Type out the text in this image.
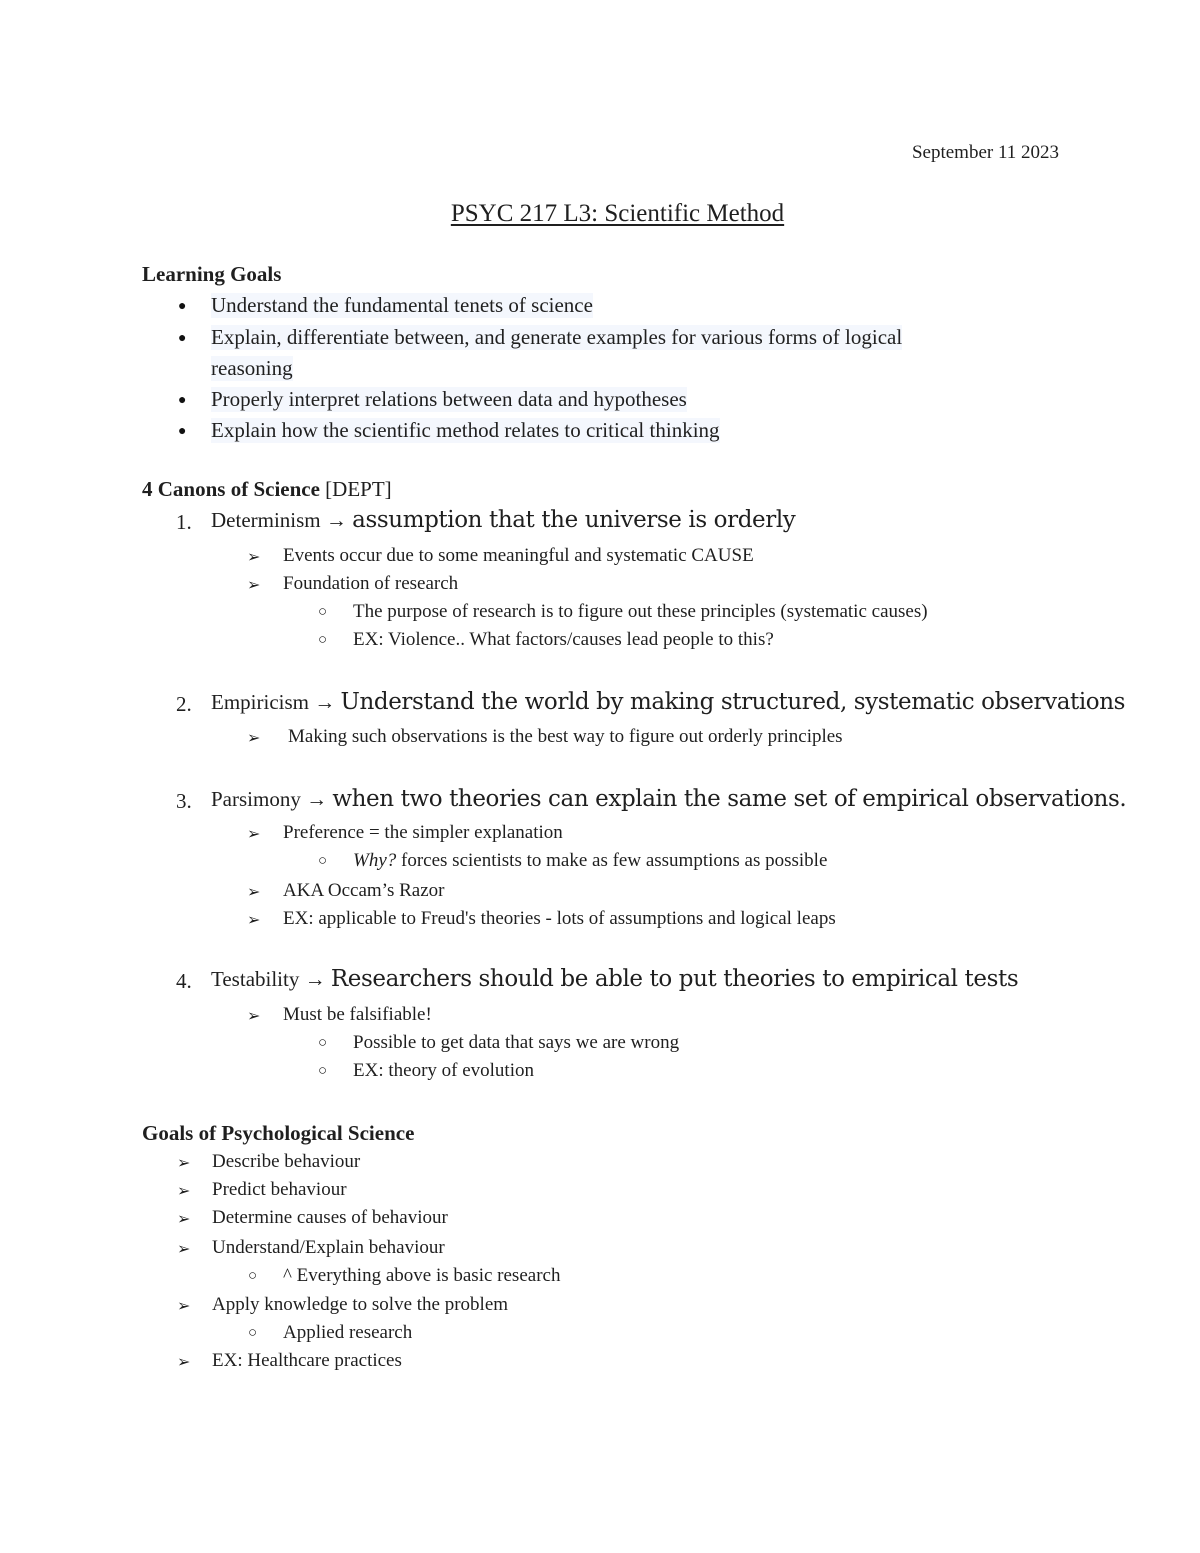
September 11 2023
PSYC 217 L3: Scientific Method
Learning Goals
● Understand the fundamental tenets of science
● Explain, differentiate between, and generate examples for various forms of logical
reasoning
● Properly interpret relations between data and hypotheses
● Explain how the scientific method relates to critical thinking
4 Canons of Science [DEPT]
1. Determinism → assumption that the universe is orderly
➢ Events occur due to some meaningful and systematic CAUSE
➢ Foundation of research
○ The purpose of research is to figure out these principles (systematic causes)
○ EX: Violence.. What factors/causes lead people to this?
2. Empiricism → Understand the world by making structured, systematic observations
➢ Making such observations is the best way to figure out orderly principles
3. Parsimony → when two theories can explain the same set of empirical observations.
➢ Preference = the simpler explanation
○ Why? forces scientists to make as few assumptions as possible
➢ AKA Occam’s Razor
➢ EX: applicable to Freud's theories - lots of assumptions and logical leaps
4. Testability → Researchers should be able to put theories to empirical tests
➢ Must be falsifiable!
○ Possible to get data that says we are wrong
○ EX: theory of evolution
Goals of Psychological Science
➢ Describe behaviour
➢ Predict behaviour
➢ Determine causes of behaviour
➢ Understand/Explain behaviour
○ ^ Everything above is basic research
➢ Apply knowledge to solve the problem
○ Applied research
➢ EX: Healthcare practices
